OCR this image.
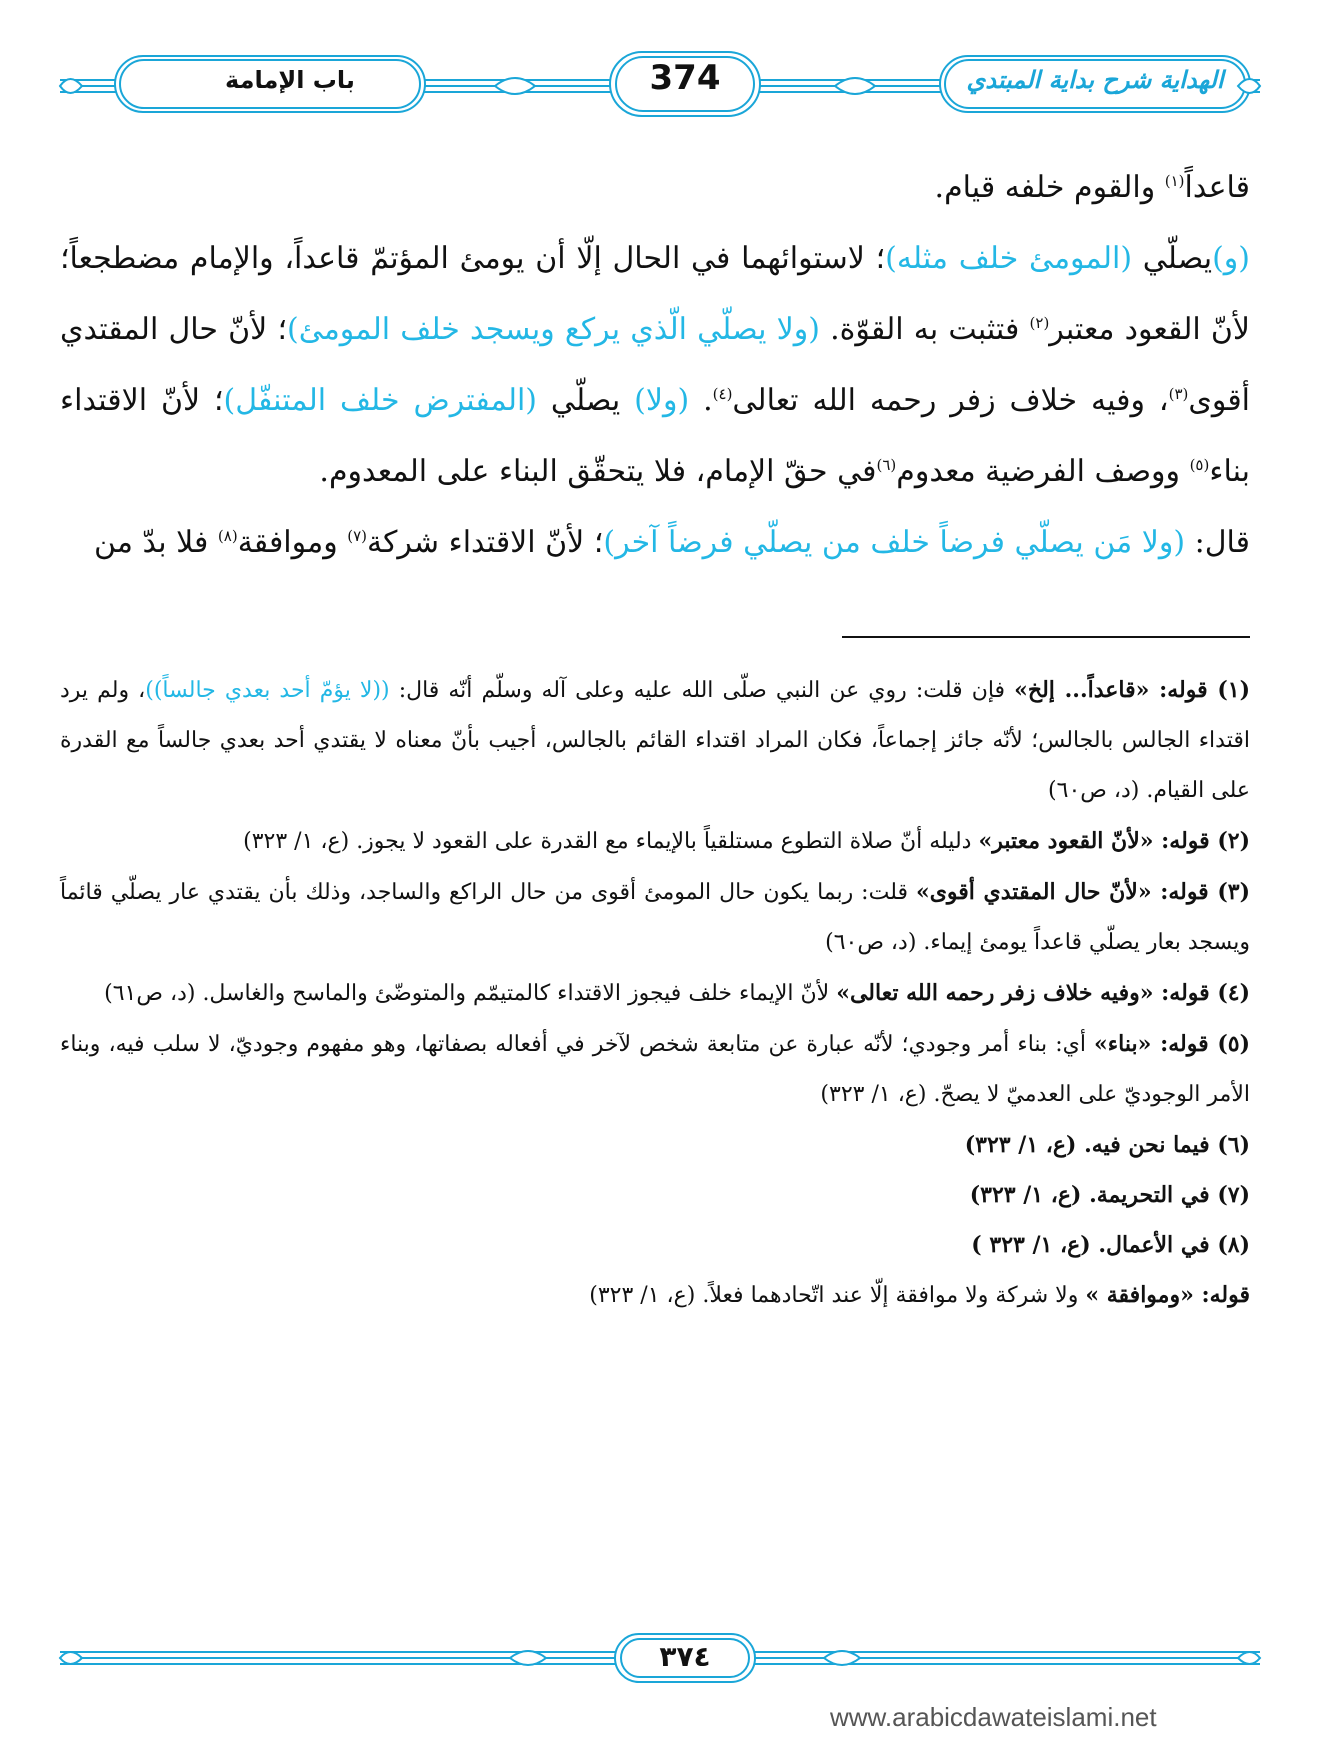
باب الإمامة	374	الهداية شرح بداية المبتدي

قاعداً$^{(١)}$ والقوم خلفه قيام.

(و)يصلّي (المومئ خلف مثله)؛ لاستوائهما في الحال إلّا أن يومئ المؤتمّ قاعداً، والإمام مضطجعاً؛ لأنّ القعود معتبر$^{(٢)}$ فتثبت به القوّة. (ولا يصلّي الّذي يركع ويسجد خلف المومئ)؛ لأنّ حال المقتدي أقوى$^{(٣)}$، وفيه خلاف زفر رحمه الله تعالى$^{(٤)}$. (ولا) يصلّي (المفترض خلف المتنفّل)؛ لأنّ الاقتداء بناء$^{(٥)}$ ووصف الفرضية معدوم$^{(٦)}$في حقّ الإمام، فلا يتحقّق البناء على المعدوم.

قال: (ولا مَن يصلّي فرضاً خلف من يصلّي فرضاً آخر)؛ لأنّ الاقتداء شركة$^{(٧)}$ وموافقة$^{(٨)}$ فلا بدّ من

(١) قوله: «قاعداً... إلخ» فإن قلت: روي عن النبي صلّى الله عليه وعلى آله وسلّم أنّه قال: ((لا يؤمّ أحد بعدي جالساً))، ولم يرد اقتداء الجالس بالجالس؛ لأنّه جائز إجماعاً، فكان المراد اقتداء القائم بالجالس، أجيب بأنّ معناه لا يقتدي أحد بعدي جالساً مع القدرة على القيام. (د، ص٦٠)

(٢) قوله: «لأنّ القعود معتبر» دليله أنّ صلاة التطوع مستلقياً بالإيماء مع القدرة على القعود لا يجوز. (ع، ١/ ٣٢٣)

(٣) قوله: «لأنّ حال المقتدي أقوى» قلت: ربما يكون حال المومئ أقوى من حال الراكع والساجد، وذلك بأن يقتدي عار يصلّي قائماً ويسجد بعار يصلّي قاعداً يومئ إيماء. (د، ص٦٠)

(٤) قوله: «وفيه خلاف زفر رحمه الله تعالى» لأنّ الإيماء خلف فيجوز الاقتداء كالمتيمّم والمتوضّئ والماسح والغاسل. (د، ص٦١)

(٥) قوله: «بناء» أي: بناء أمر وجودي؛ لأنّه عبارة عن متابعة شخص لآخر في أفعاله بصفاتها، وهو مفهوم وجوديّ، لا سلب فيه، وبناء الأمر الوجوديّ على العدميّ لا يصحّ. (ع، ١/ ٣٢٣)

(٦) فيما نحن فيه. (ع، ١/ ٣٢٣)

(٧) في التحريمة. (ع، ١/ ٣٢٣)

(٨) في الأعمال. (ع، ١/ ٣٢٣ )

قوله: «وموافقة » ولا شركة ولا موافقة إلّا عند اتّحادهما فعلاً. (ع، ١/ ٣٢٣)

٣٧٤
www.arabicdawateislami.net
